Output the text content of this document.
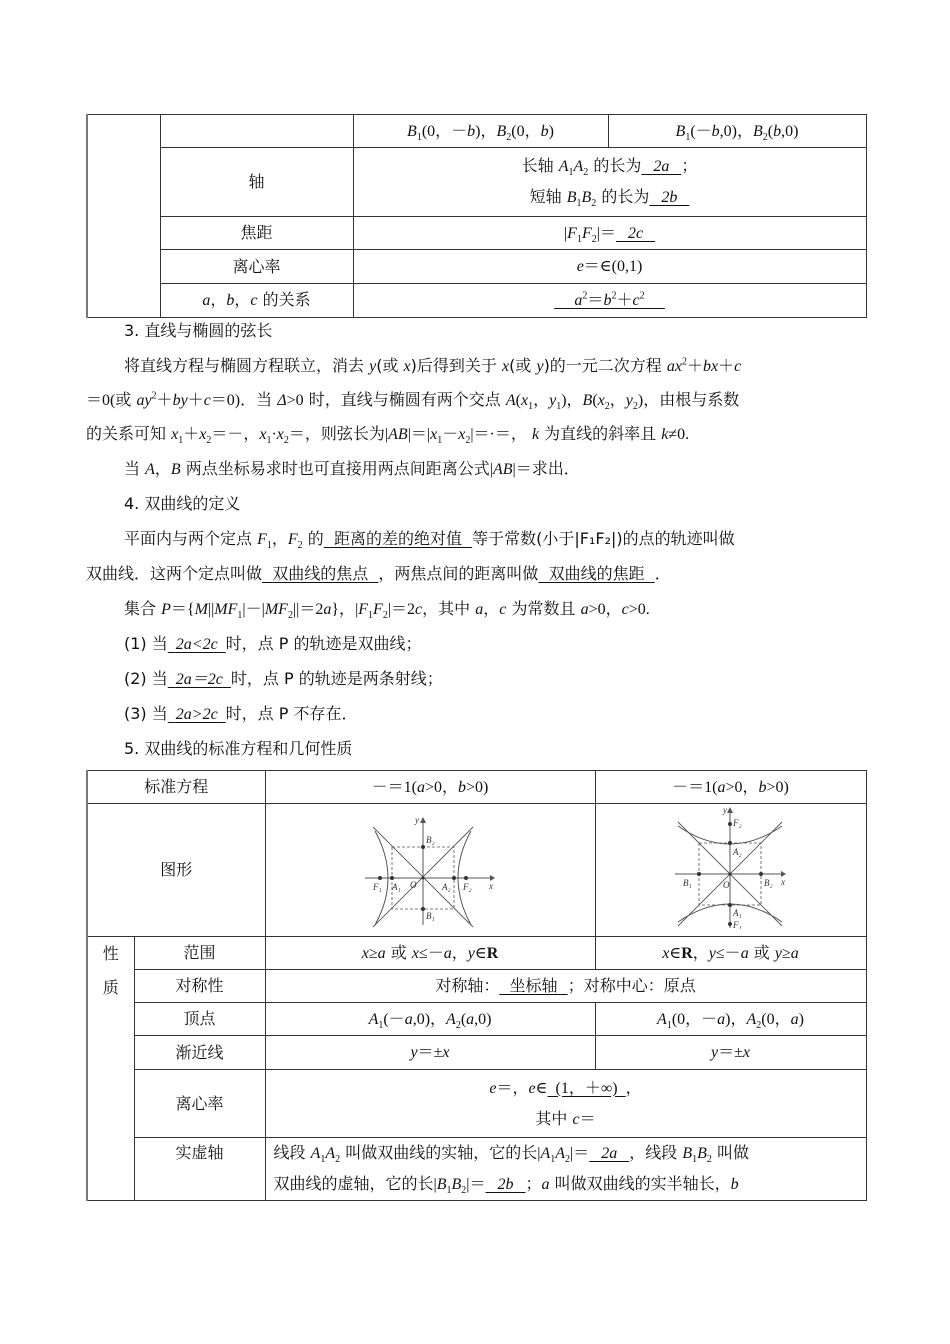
		$B_1(0$，－b)，$B_2(0$，b)	$B_1(-b,0)$，$B_2(b,0)$
	轴	长轴 $A_1A_2$ 的长为   2a   ；
短轴 $B_1B_2$ 的长为   2b	

	焦距	$|F_1F_2|= 2c$	
	离心率	e＝∈(0,1)	
	a，b，c 的关系	$a^2=b^2+c^2$
3. 直线与椭圆的弦长
将直线方程与椭圆方程联立，消去 y(或 x)后得到关于 x(或 y)的一元二次方程 $ax^2+bx+c$
＝0(或 $ay^2+by+c=0$)．当 Δ>0 时，直线与椭圆有两个交点 $A(x_1$，$y_1$)，$B(x_2$，$y_2$)，由根与系数
的关系可知 $x_1+x_2=-$，$x_1\cdot x_2=$，则弦长为$|AB|=|x_1-x_2|=\cdot=$， k 为直线的斜率且 k≠0.
当 A，B 两点坐标易求时也可直接用两点间距离公式|AB|＝求出．
4. 双曲线的定义
平面内与两个定点 $F_1$，$F_2$ 的 距离的差的绝对值 等于常数(小于|F₁F₂|)的点的轨迹叫做
双曲线．这两个定点叫做 双曲线的焦点 ，两焦点间的距离叫做 双曲线的焦距 ．
集合 $P=\{M||MF_1|-|MF_2||=2a\}$，$|F_1F_2|=2c$，其中 a，c 为常数且 a>0，c>0.
(1) 当 2a<2c 时，点 P 的轨迹是双曲线；
(2) 当 2a＝2c 时，点 P 的轨迹是两条射线；
(3) 当 2a>2c 时，点 P 不存在．
5. 双曲线的标准方程和几何性质
标准方程		－＝1(a>0，b>0)	－＝1(a>0，b>0)
图形	
y
x
B₂
B₁
F₁ A₁ O	A₂ F₂

y
x
F₂
A₂
B₁	O	B₂
A₁
F₁

性质	范围	x≥a 或 x≤－a，y∈R	x∈R，y≤－a 或 y≥a
	对称性	对称轴： 坐标轴 ；对称中心：原点	
	顶点	$A_1(-a,0)$，$A_2(a,0)$	$A_1(0$，－a)，$A_2(0$，a)
	渐近线	y＝±x	y＝±x
	离心率	e＝，e∈  (1，＋∞)  ，
其中 c＝	

	实虚轴	线段 $A_1A_2$ 叫做双曲线的实轴，它的长$|A_1A_2|= 2a$   ，线段 $B_1B_2$ 叫做
双曲线的虚轴，它的长$|B_1B_2|= 2b$   ；a 叫做双曲线的实半轴长，b	
